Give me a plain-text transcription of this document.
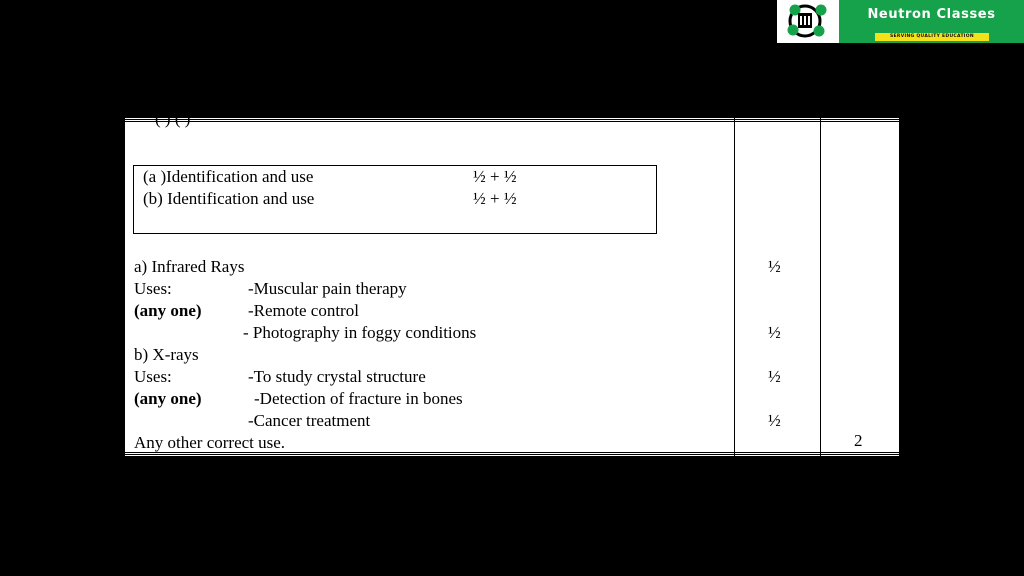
Neutron Classes
SERVING QUALITY EDUCATION
(a )Identification and use	½ + ½
(b) Identification and use	½ + ½
a) Infrared Rays
Uses:
(any one)
-Muscular pain therapy
-Remote control
- Photography in foggy conditions
b) X-rays
Uses:
(any one)
-To study crystal structure
-Detection of fracture in bones
-Cancer treatment
Any other correct use.
½
½
½
½
2
